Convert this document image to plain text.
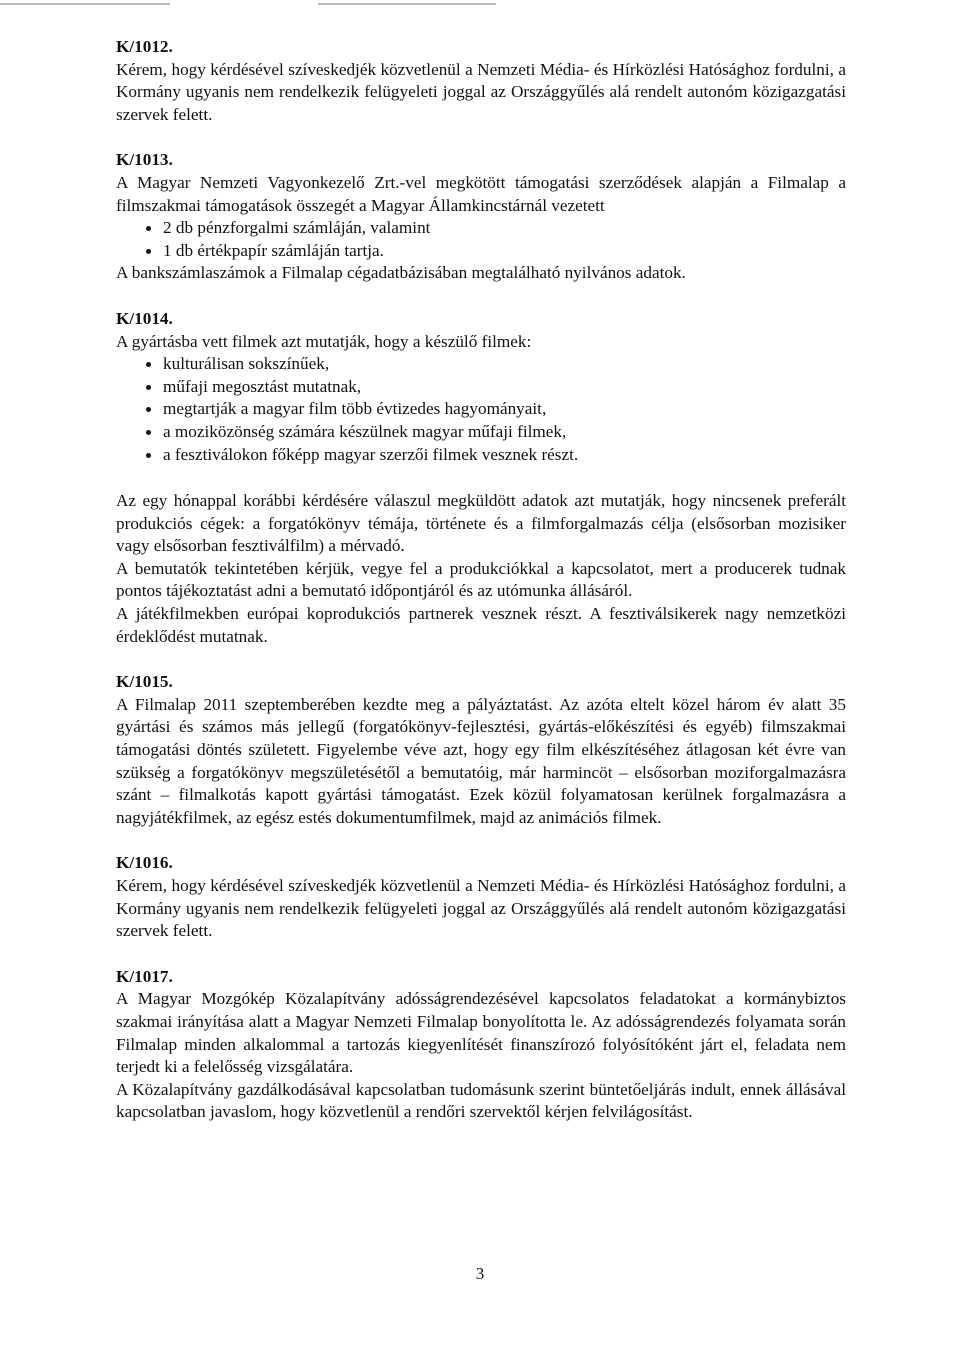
K/1012.

Kérem, hogy kérdésével szíveskedjék közvetlenül a Nemzeti Média- és Hírközlési Hatósághoz fordulni, a Kormány ugyanis nem rendelkezik felügyeleti joggal az Országgyűlés alá rendelt autonóm közigazgatási szervek felett.

K/1013.

A Magyar Nemzeti Vagyonkezelő Zrt.-vel megkötött támogatási szerződések alapján a Filmalap a filmszakmai támogatások összegét a Magyar Államkincstárnál vezetett

2 db pénzforgalmi számláján, valamint
1 db értékpapír számláján tartja.

A bankszámlaszámok a Filmalap cégadatbázisában megtalálható nyilvános adatok.

K/1014.

A gyártásba vett filmek azt mutatják, hogy a készülő filmek:

kulturálisan sokszínűek,
műfaji megosztást mutatnak,
megtartják a magyar film több évtizedes hagyományait,
a moziközönség számára készülnek magyar műfaji filmek,
a fesztiválokon főképp magyar szerzői filmek vesznek részt.

Az egy hónappal korábbi kérdésére válaszul megküldött adatok azt mutatják, hogy nincsenek preferált produkciós cégek: a forgatókönyv témája, története és a filmforgalmazás célja (elsősorban mozisiker vagy elsősorban fesztiválfilm) a mérvadó.

A bemutatók tekintetében kérjük, vegye fel a produkciókkal a kapcsolatot, mert a producerek tudnak pontos tájékoztatást adni a bemutató időpontjáról és az utómunka állásáról.

A játékfilmekben európai koprodukciós partnerek vesznek részt. A fesztiválsikerek nagy nemzetközi érdeklődést mutatnak.

K/1015.

A Filmalap 2011 szeptemberében kezdte meg a pályáztatást. Az azóta eltelt közel három év alatt 35 gyártási és számos más jellegű (forgatókönyv-fejlesztési, gyártás-előkészítési és egyéb) filmszakmai támogatási döntés született. Figyelembe véve azt, hogy egy film elkészítéséhez átlagosan két évre van szükség a forgatókönyv megszületésétől a bemutatóig, már harmincöt – elsősorban moziforgalmazásra szánt – filmalkotás kapott gyártási támogatást. Ezek közül folyamatosan kerülnek forgalmazásra a nagyjátékfilmek, az egész estés dokumentumfilmek, majd az animációs filmek.

K/1016.

Kérem, hogy kérdésével szíveskedjék közvetlenül a Nemzeti Média- és Hírközlési Hatósághoz fordulni, a Kormány ugyanis nem rendelkezik felügyeleti joggal az Országgyűlés alá rendelt autonóm közigazgatási szervek felett.

K/1017.

A Magyar Mozgókép Közalapítvány adósságrendezésével kapcsolatos feladatokat a kormánybiztos szakmai irányítása alatt a Magyar Nemzeti Filmalap bonyolította le. Az adósságrendezés folyamata során Filmalap minden alkalommal a tartozás kiegyenlítését finanszírozó folyósítóként járt el, feladata nem terjedt ki a felelősség vizsgálatára.

A Közalapítvány gazdálkodásával kapcsolatban tudomásunk szerint büntetőeljárás indult, ennek állásával kapcsolatban javaslom, hogy közvetlenül a rendőri szervektől kérjen felvilágosítást.

3
